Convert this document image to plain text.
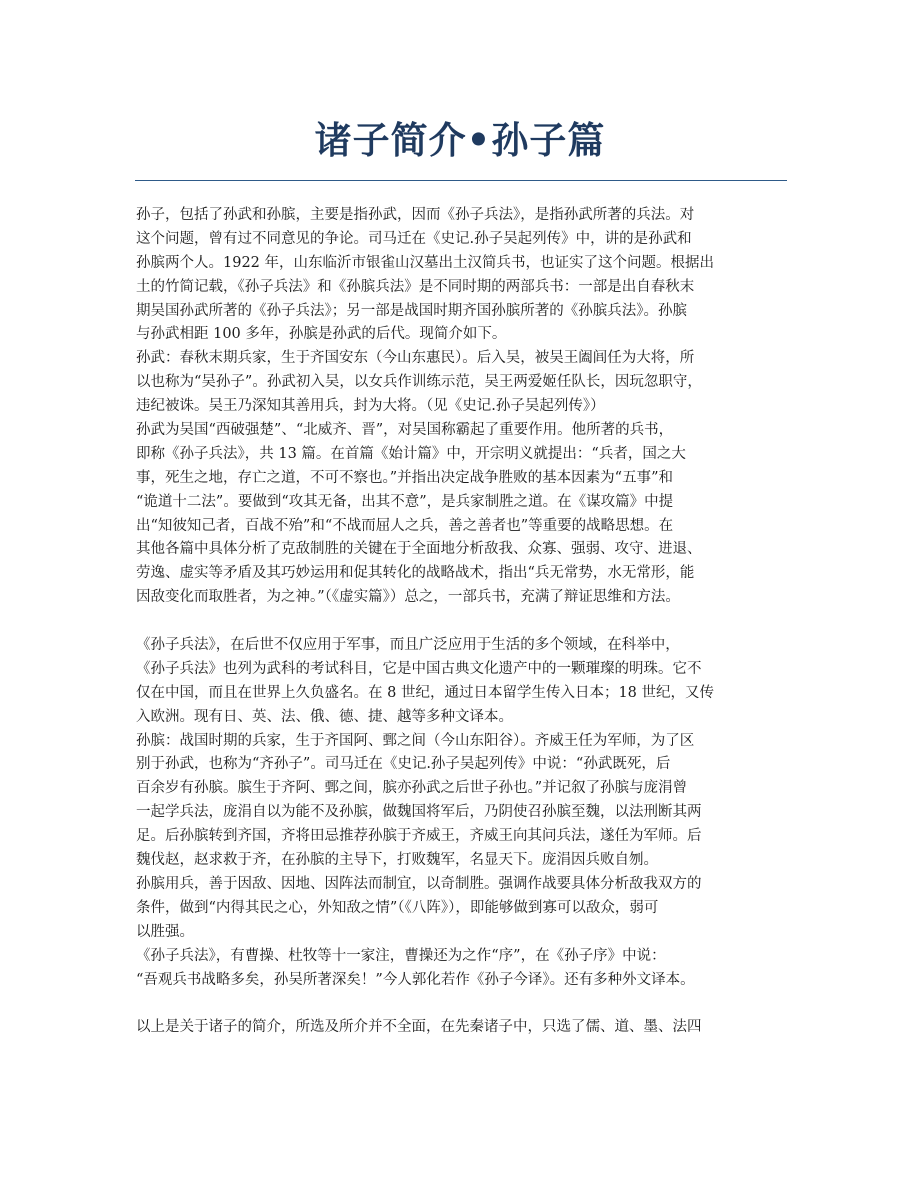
诸子简介•孙子篇
孙子，包括了孙武和孙膑，主要是指孙武，因而《孙子兵法》，是指孙武所著的兵法。对
这个问题，曾有过不同意见的争论。司马迁在《史记.孙子吴起列传》中，讲的是孙武和
孙膑两个人。1922 年，山东临沂市银雀山汉墓出土汉简兵书，也证实了这个问题。根据出
土的竹简记载，《孙子兵法》和《孙膑兵法》是不同时期的两部兵书：一部是出自春秋末
期吴国孙武所著的《孙子兵法》；另一部是战国时期齐国孙膑所著的《孙膑兵法》。孙膑
与孙武相距 100 多年，孙膑是孙武的后代。现简介如下。
孙武：春秋末期兵家，生于齐国安东（今山东惠民）。后入吴，被吴王阖闾任为大将，所
以也称为“吴孙子”。孙武初入吴，以女兵作训练示范，吴王两爱姬任队长，因玩忽职守，
违纪被诛。吴王乃深知其善用兵，封为大将。（见《史记.孙子吴起列传》）
孙武为吴国“西破强楚”、“北威齐、晋”，对吴国称霸起了重要作用。他所著的兵书，
即称《孙子兵法》，共 13 篇。在首篇《始计篇》中，开宗明义就提出：“兵者，国之大
事，死生之地，存亡之道，不可不察也。”并指出决定战争胜败的基本因素为“五事”和
“诡道十二法”。要做到“攻其无备，出其不意”，是兵家制胜之道。在《谋攻篇》中提
出“知彼知己者，百战不殆”和“不战而屈人之兵，善之善者也”等重要的战略思想。在
其他各篇中具体分析了克敌制胜的关键在于全面地分析敌我、众寡、强弱、攻守、进退、
劳逸、虚实等矛盾及其巧妙运用和促其转化的战略战术，指出“兵无常势，水无常形，能
因敌变化而取胜者，为之神。”（《虚实篇》）总之，一部兵书，充满了辩证思维和方法。
《孙子兵法》，在后世不仅应用于军事，而且广泛应用于生活的多个领域，在科举中，
《孙子兵法》也列为武科的考试科目，它是中国古典文化遗产中的一颗璀璨的明珠。它不
仅在中国，而且在世界上久负盛名。在 8 世纪，通过日本留学生传入日本；18 世纪，又传
入欧洲。现有日、英、法、俄、德、捷、越等多种文译本。
孙膑：战国时期的兵家，生于齐国阿、鄄之间（今山东阳谷）。齐威王任为军师，为了区
别于孙武，也称为“齐孙子”。司马迁在《史记.孙子吴起列传》中说：“孙武既死，后
百余岁有孙膑。膑生于齐阿、鄄之间，膑亦孙武之后世子孙也。”并记叙了孙膑与庞涓曾
一起学兵法，庞涓自以为能不及孙膑，做魏国将军后，乃阴使召孙膑至魏，以法刑断其两
足。后孙膑转到齐国，齐将田忌推荐孙膑于齐威王，齐威王向其问兵法，遂任为军师。后
魏伐赵，赵求救于齐，在孙膑的主导下，打败魏军，名显天下。庞涓因兵败自刎。
孙膑用兵，善于因敌、因地、因阵法而制宜，以奇制胜。强调作战要具体分析敌我双方的
条件，做到“内得其民之心，外知敌之情”（《八阵》），即能够做到寡可以敌众，弱可
以胜强。
《孙子兵法》，有曹操、杜牧等十一家注，曹操还为之作“序”，在《孙子序》中说：
“吾观兵书战略多矣，孙吴所著深矣！”今人郭化若作《孙子今译》。还有多种外文译本。
以上是关于诸子的简介，所选及所介并不全面，在先秦诸子中，只选了儒、道、墨、法四
